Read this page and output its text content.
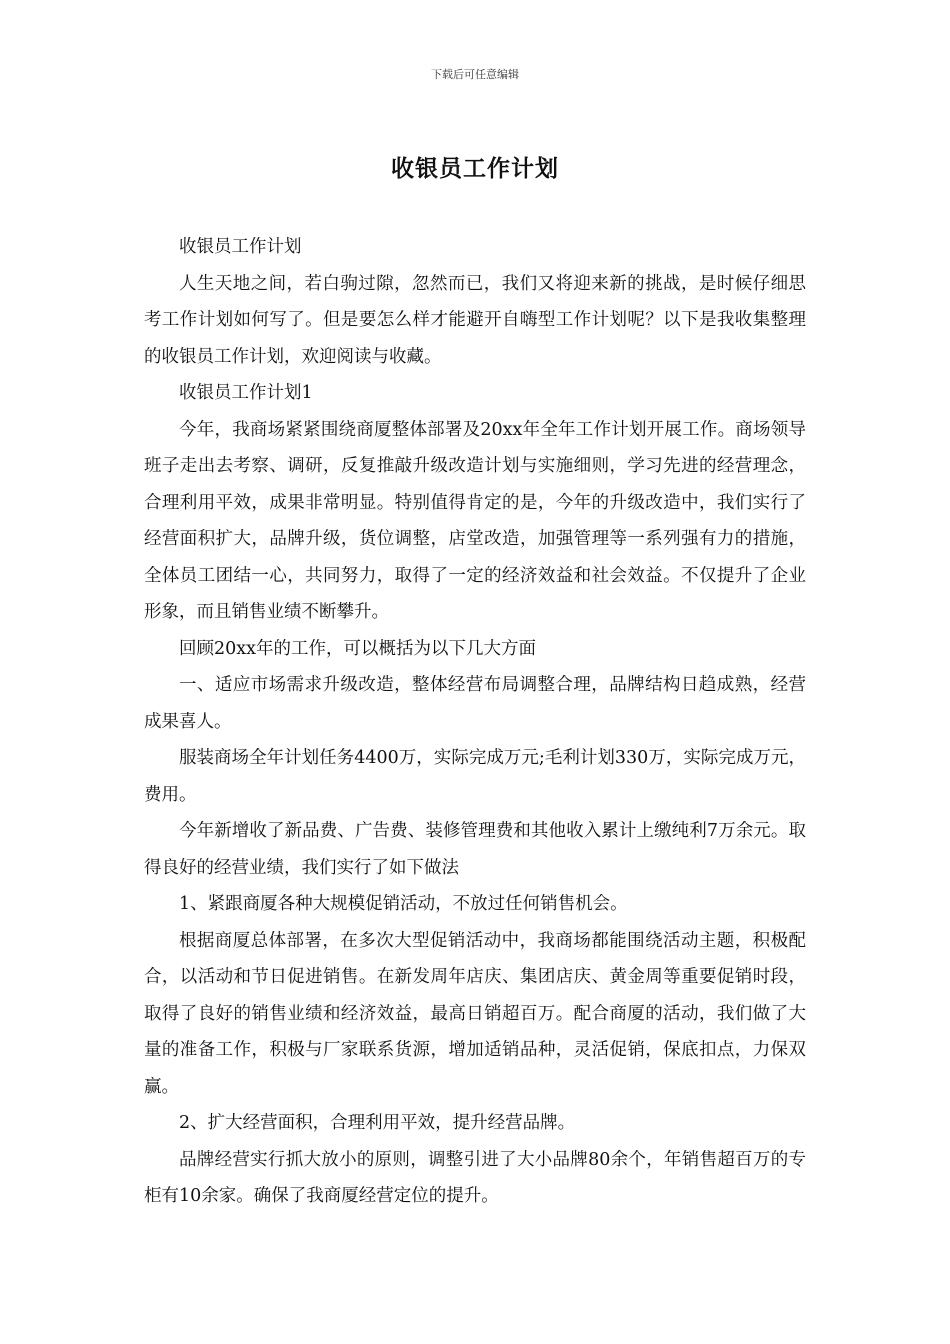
下载后可任意编辑
收银员工作计划

收银员工作计划

人生天地之间，若白驹过隙，忽然而已，我们又将迎来新的挑战，是时候仔细思考工作计划如何写了。但是要怎么样才能避开自嗨型工作计划呢？以下是我收集整理的收银员工作计划，欢迎阅读与收藏。

收银员工作计划1

今年，我商场紧紧围绕商厦整体部署及20xx年全年工作计划开展工作。商场领导班子走出去考察、调研，反复推敲升级改造计划与实施细则，学习先进的经营理念，合理利用平效，成果非常明显。特别值得肯定的是，今年的升级改造中，我们实行了经营面积扩大，品牌升级，货位调整，店堂改造，加强管理等一系列强有力的措施，全体员工团结一心，共同努力，取得了一定的经济效益和社会效益。不仅提升了企业形象，而且销售业绩不断攀升。

回顾20xx年的工作，可以概括为以下几大方面

一、适应市场需求升级改造，整体经营布局调整合理，品牌结构日趋成熟，经营成果喜人。

服装商场全年计划任务4400万，实际完成万元;毛利计划330万，实际完成万元，费用。

今年新增收了新品费、广告费、装修管理费和其他收入累计上缴纯利7万余元。取得良好的经营业绩，我们实行了如下做法

1、紧跟商厦各种大规模促销活动，不放过任何销售机会。

根据商厦总体部署，在多次大型促销活动中，我商场都能围绕活动主题，积极配合，以活动和节日促进销售。在新发周年店庆、集团店庆、黄金周等重要促销时段，取得了良好的销售业绩和经济效益，最高日销超百万。配合商厦的活动，我们做了大量的准备工作，积极与厂家联系货源，增加适销品种，灵活促销，保底扣点，力保双赢。

2、扩大经营面积，合理利用平效，提升经营品牌。

品牌经营实行抓大放小的原则，调整引进了大小品牌80余个，年销售超百万的专柜有10余家。确保了我商厦经营定位的提升。
